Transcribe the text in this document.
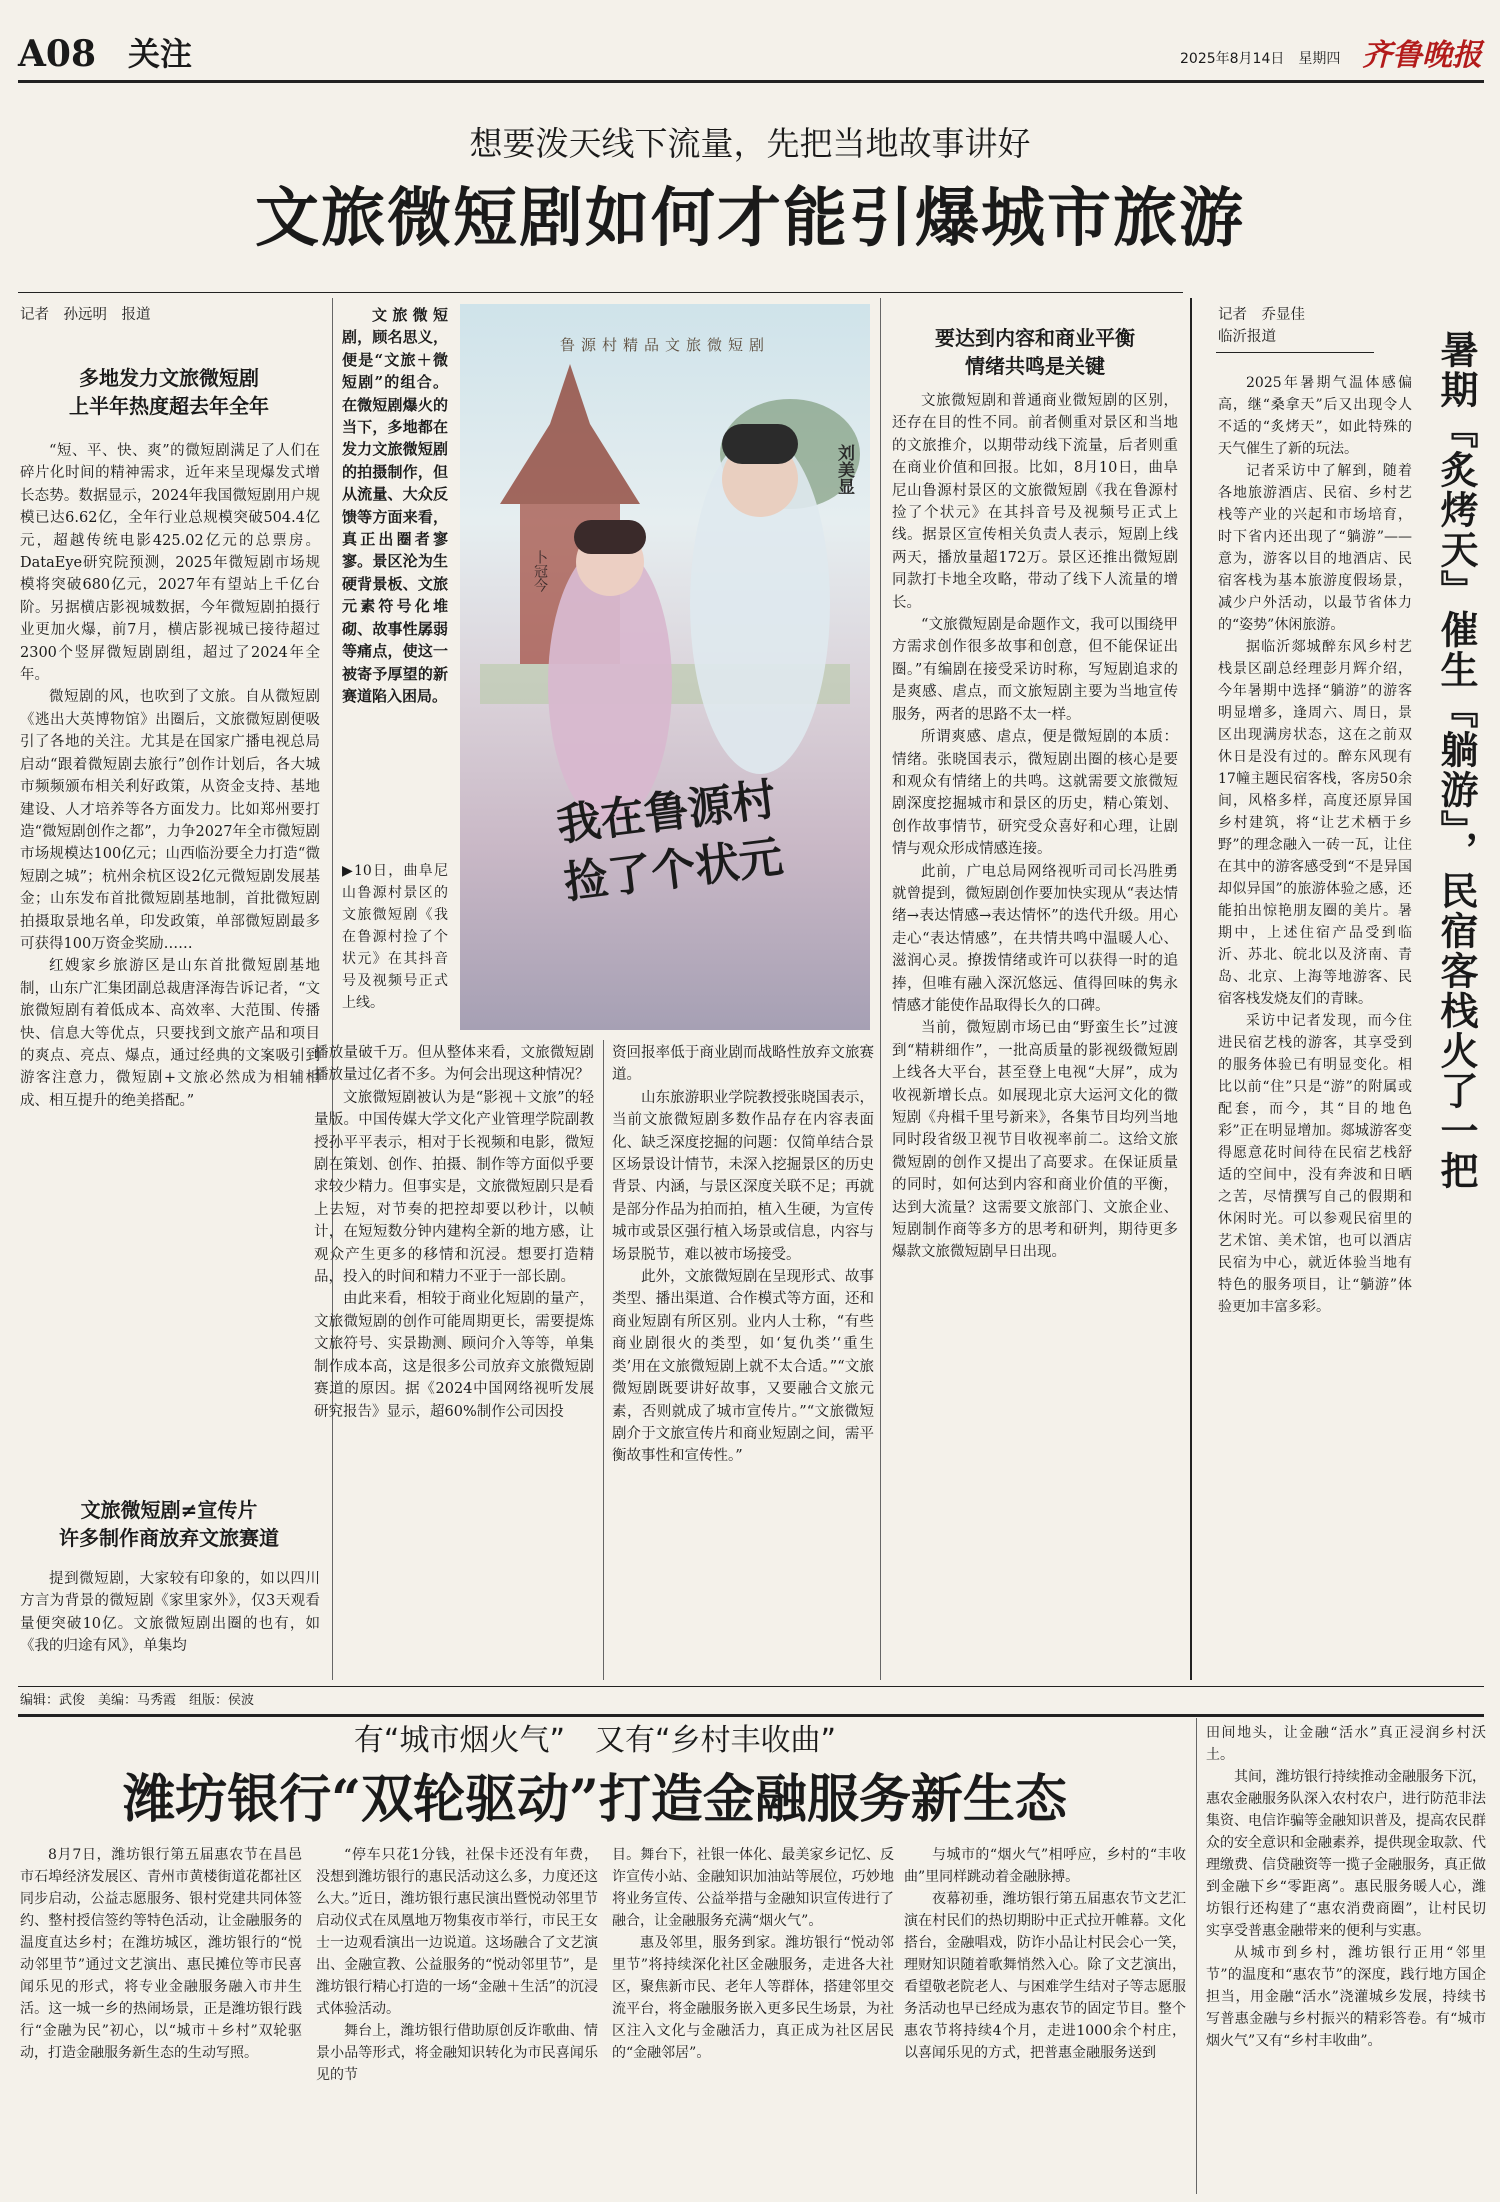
A08 关注	2025年8月14日　 星期四 齐鲁晚报
想要泼天线下流量，先把当地故事讲好
文旅微短剧如何才能引爆城市旅游
记者　孙远明　报道
多地发力文旅微短剧
上半年热度超去年全年

“短、平、快、爽”的微短剧满足了人们在碎片化时间的精神需求，近年来呈现爆发式增长态势。数据显示，2024年我国微短剧用户规模已达6.62亿，全年行业总规模突破504.4亿元，超越传统电影425.02亿元的总票房。DataEye研究院预测，2025年微短剧市场规模将突破680亿元，2027年有望站上千亿台阶。另据横店影视城数据，今年微短剧拍摄行业更加火爆，前7月，横店影视城已接待超过2300个竖屏微短剧剧组，超过了2024年全年。

微短剧的风，也吹到了文旅。自从微短剧《逃出大英博物馆》出圈后，文旅微短剧便吸引了各地的关注。尤其是在国家广播电视总局启动“跟着微短剧去旅行”创作计划后，各大城市频频颁布相关利好政策，从资金支持、基地建设、人才培养等各方面发力。比如郑州要打造“微短剧创作之都”，力争2027年全市微短剧市场规模达100亿元；山西临汾要全力打造“微短剧之城”；杭州余杭区设2亿元微短剧发展基金；山东发布首批微短剧基地制，首批微短剧拍摄取景地名单，印发政策，单部微短剧最多可获得100万资金奖励……

红嫂家乡旅游区是山东首批微短剧基地制，山东广汇集团副总裁唐泽海告诉记者，“文旅微短剧有着低成本、高效率、大范围、传播快、信息大等优点，只要找到文旅产品和项目的爽点、亮点、爆点，通过经典的文案吸引到游客注意力，微短剧+文旅必然成为相辅相成、相互提升的绝美搭配。”

文旅微短剧≠宣传片
许多制作商放弃文旅赛道

提到微短剧，大家较有印象的，如以四川方言为背景的微短剧《家里家外》，仅3天观看量便突破10亿。文旅微短剧出圈的也有，如《我的归途有风》，单集均

文旅微短剧，顾名思义，便是“文旅＋微短剧”的组合。在微短剧爆火的当下，多地都在发力文旅微短剧的拍摄制作，但从流量、大众反馈等方面来看，真正出圈者寥寥。景区沦为生硬背景板、文旅元素符号化堆砌、故事性孱弱等痛点，使这一被寄予厚望的新赛道陷入困局。

鲁源村精品文旅微短剧
刘美显
卜冠今
我在鲁源村
捡了个状元
▶10日，曲阜尼山鲁源村景区的文旅微短剧《我在鲁源村捡了个状元》在其抖音号及视频号正式上线。

播放量破千万。但从整体来看，文旅微短剧播放量过亿者不多。为何会出现这种情况？

文旅微短剧被认为是“影视＋文旅”的轻量版。中国传媒大学文化产业管理学院副教授孙平平表示，相对于长视频和电影，微短剧在策划、创作、拍摄、制作等方面似乎要求较少精力。但事实是，文旅微短剧只是看上去短，对节奏的把控却要以秒计，以帧计，在短短数分钟内建构全新的地方感，让观众产生更多的移情和沉浸。想要打造精品，投入的时间和精力不亚于一部长剧。

由此来看，相较于商业化短剧的量产，文旅微短剧的创作可能周期更长，需要提炼文旅符号、实景勘测、顾问介入等等，单集制作成本高，这是很多公司放弃文旅微短剧赛道的原因。据《2024中国网络视听发展研究报告》显示，超60%制作公司因投

资回报率低于商业剧而战略性放弃文旅赛道。

山东旅游职业学院教授张晓国表示，当前文旅微短剧多数作品存在内容表面化、缺乏深度挖掘的问题：仅简单结合景区场景设计情节，未深入挖掘景区的历史背景、内涵，与景区深度关联不足；再就是部分作品为拍而拍，植入生硬，为宣传城市或景区强行植入场景或信息，内容与场景脱节，难以被市场接受。

此外，文旅微短剧在呈现形式、故事类型、播出渠道、合作模式等方面，还和商业短剧有所区别。业内人士称，“有些商业剧很火的类型，如‘复仇类’‘重生类’用在文旅微短剧上就不太合适。”“文旅微短剧既要讲好故事，又要融合文旅元素，否则就成了城市宣传片。”“文旅微短剧介于文旅宣传片和商业短剧之间，需平衡故事性和宣传性。”

要达到内容和商业平衡
情绪共鸣是关键

文旅微短剧和普通商业微短剧的区别，还存在目的性不同。前者侧重对景区和当地的文旅推介，以期带动线下流量，后者则重在商业价值和回报。比如，8月10日，曲阜尼山鲁源村景区的文旅微短剧《我在鲁源村捡了个状元》在其抖音号及视频号正式上线。据景区宣传相关负责人表示，短剧上线两天，播放量超172万。景区还推出微短剧同款打卡地全攻略，带动了线下人流量的增长。

“文旅微短剧是命题作文，我可以围绕甲方需求创作很多故事和创意，但不能保证出圈。”有编剧在接受采访时称，写短剧追求的是爽感、虐点，而文旅短剧主要为当地宣传服务，两者的思路不太一样。

所谓爽感、虐点，便是微短剧的本质：情绪。张晓国表示，微短剧出圈的核心是要和观众有情绪上的共鸣。这就需要文旅微短剧深度挖掘城市和景区的历史，精心策划、创作故事情节，研究受众喜好和心理，让剧情与观众形成情感连接。

此前，广电总局网络视听司司长冯胜勇就曾提到，微短剧创作要加快实现从“表达情绪→表达情感→表达情怀”的迭代升级。用心走心“表达情感”，在共情共鸣中温暖人心、滋润心灵。撩拨情绪或许可以获得一时的追捧，但唯有融入深沉悠远、值得回味的隽永情感才能使作品取得长久的口碑。

当前，微短剧市场已由“野蛮生长”过渡到“精耕细作”，一批高质量的影视级微短剧上线各大平台，甚至登上电视“大屏”，成为收视新增长点。如展现北京大运河文化的微短剧《舟楫千里号新来》，各集节目均列当地同时段省级卫视节目收视率前二。这给文旅微短剧的创作又提出了高要求。在保证质量的同时，如何达到内容和商业价值的平衡，达到大流量？这需要文旅部门、文旅企业、短剧制作商等多方的思考和研判，期待更多爆款文旅微短剧早日出现。

记者　乔显佳
临沂报道

2025年暑期气温体感偏高，继“桑拿天”后又出现令人不适的“炙烤天”，如此特殊的天气催生了新的玩法。

记者采访中了解到，随着各地旅游酒店、民宿、乡村艺栈等产业的兴起和市场培育，时下省内还出现了“躺游”——意为，游客以目的地酒店、民宿客栈为基本旅游度假场景，减少户外活动，以最节省体力的“姿势”休闲旅游。

据临沂郯城醉东风乡村艺栈景区副总经理彭月辉介绍，今年暑期中选择“躺游”的游客明显增多，逢周六、周日，景区出现满房状态，这在之前双休日是没有过的。醉东风现有17幢主题民宿客栈，客房50余间，风格多样，高度还原异国乡村建筑，将“让艺术栖于乡野”的理念融入一砖一瓦，让住在其中的游客感受到“不是异国却似异国”的旅游体验之感，还能拍出惊艳朋友圈的美片。暑期中，上述住宿产品受到临沂、苏北、皖北以及济南、青岛、北京、上海等地游客、民宿客栈发烧友们的青睐。

采访中记者发现，而今住进民宿艺栈的游客，其享受到的服务体验已有明显变化。相比以前“住”只是“游”的附属或配套，而今，其“目的地色彩”正在明显增加。郯城游客变得愿意花时间待在民宿艺栈舒适的空间中，没有奔波和日晒之苦，尽情撰写自己的假期和休闲时光。可以参观民宿里的艺术馆、美术馆，也可以酒店民宿为中心，就近体验当地有特色的服务项目，让“躺游”体验更加丰富多彩。

暑期『炙烤天』催生『躺游』，民宿客栈火了一把
编辑：武俊　美编：马秀霞　组版：侯波
有“城市烟火气”　又有“乡村丰收曲”
潍坊银行“双轮驱动”打造金融服务新生态

8月7日，潍坊银行第五届惠农节在昌邑市石埠经济发展区、青州市黄楼街道花都社区同步启动，公益志愿服务、银村党建共同体签约、整村授信签约等特色活动，让金融服务的温度直达乡村；在潍坊城区，潍坊银行的“悦动邻里节”通过文艺演出、惠民摊位等市民喜闻乐见的形式，将专业金融服务融入市井生活。这一城一乡的热闹场景，正是潍坊银行践行“金融为民”初心，以“城市＋乡村”双轮驱动，打造金融服务新生态的生动写照。

“停车只花1分钱，社保卡还没有年费，没想到潍坊银行的惠民活动这么多，力度还这么大。”近日，潍坊银行惠民演出暨悦动邻里节启动仪式在凤凰地万物集夜市举行，市民王女士一边观看演出一边说道。这场融合了文艺演出、金融宣教、公益服务的“悦动邻里节”，是潍坊银行精心打造的一场“金融＋生活”的沉浸式体验活动。

舞台上，潍坊银行借助原创反诈歌曲、情景小品等形式，将金融知识转化为市民喜闻乐见的节

目。舞台下，社银一体化、最美家乡记忆、反诈宣传小站、金融知识加油站等展位，巧妙地将业务宣传、公益举措与金融知识宣传进行了融合，让金融服务充满“烟火气”。

惠及邻里，服务到家。潍坊银行“悦动邻里节”将持续深化社区金融服务，走进各大社区，聚焦新市民、老年人等群体，搭建邻里交流平台，将金融服务嵌入更多民生场景，为社区注入文化与金融活力，真正成为社区居民的“金融邻居”。

与城市的“烟火气”相呼应，乡村的“丰收曲”里同样跳动着金融脉搏。

夜幕初垂，潍坊银行第五届惠农节文艺汇演在村民们的热切期盼中正式拉开帷幕。文化搭台，金融唱戏，防诈小品让村民会心一笑，理财知识随着歌舞悄然入心。除了文艺演出，看望敬老院老人、与困难学生结对子等志愿服务活动也早已经成为惠农节的固定节目。整个惠农节将持续4个月，走进1000余个村庄，以喜闻乐见的方式，把普惠金融服务送到

田间地头，让金融“活水”真正浸润乡村沃土。

其间，潍坊银行持续推动金融服务下沉，惠农金融服务队深入农村农户，进行防范非法集资、电信诈骗等金融知识普及，提高农民群众的安全意识和金融素养，提供现金取款、代理缴费、信贷融资等一揽子金融服务，真正做到金融下乡“零距离”。惠民服务暖人心，潍坊银行还构建了“惠农消费商圈”，让村民切实享受普惠金融带来的便利与实惠。

从城市到乡村，潍坊银行正用“邻里节”的温度和“惠农节”的深度，践行地方国企担当，用金融“活水”浇灌城乡发展，持续书写普惠金融与乡村振兴的精彩答卷。有“城市烟火气”又有“乡村丰收曲”。
